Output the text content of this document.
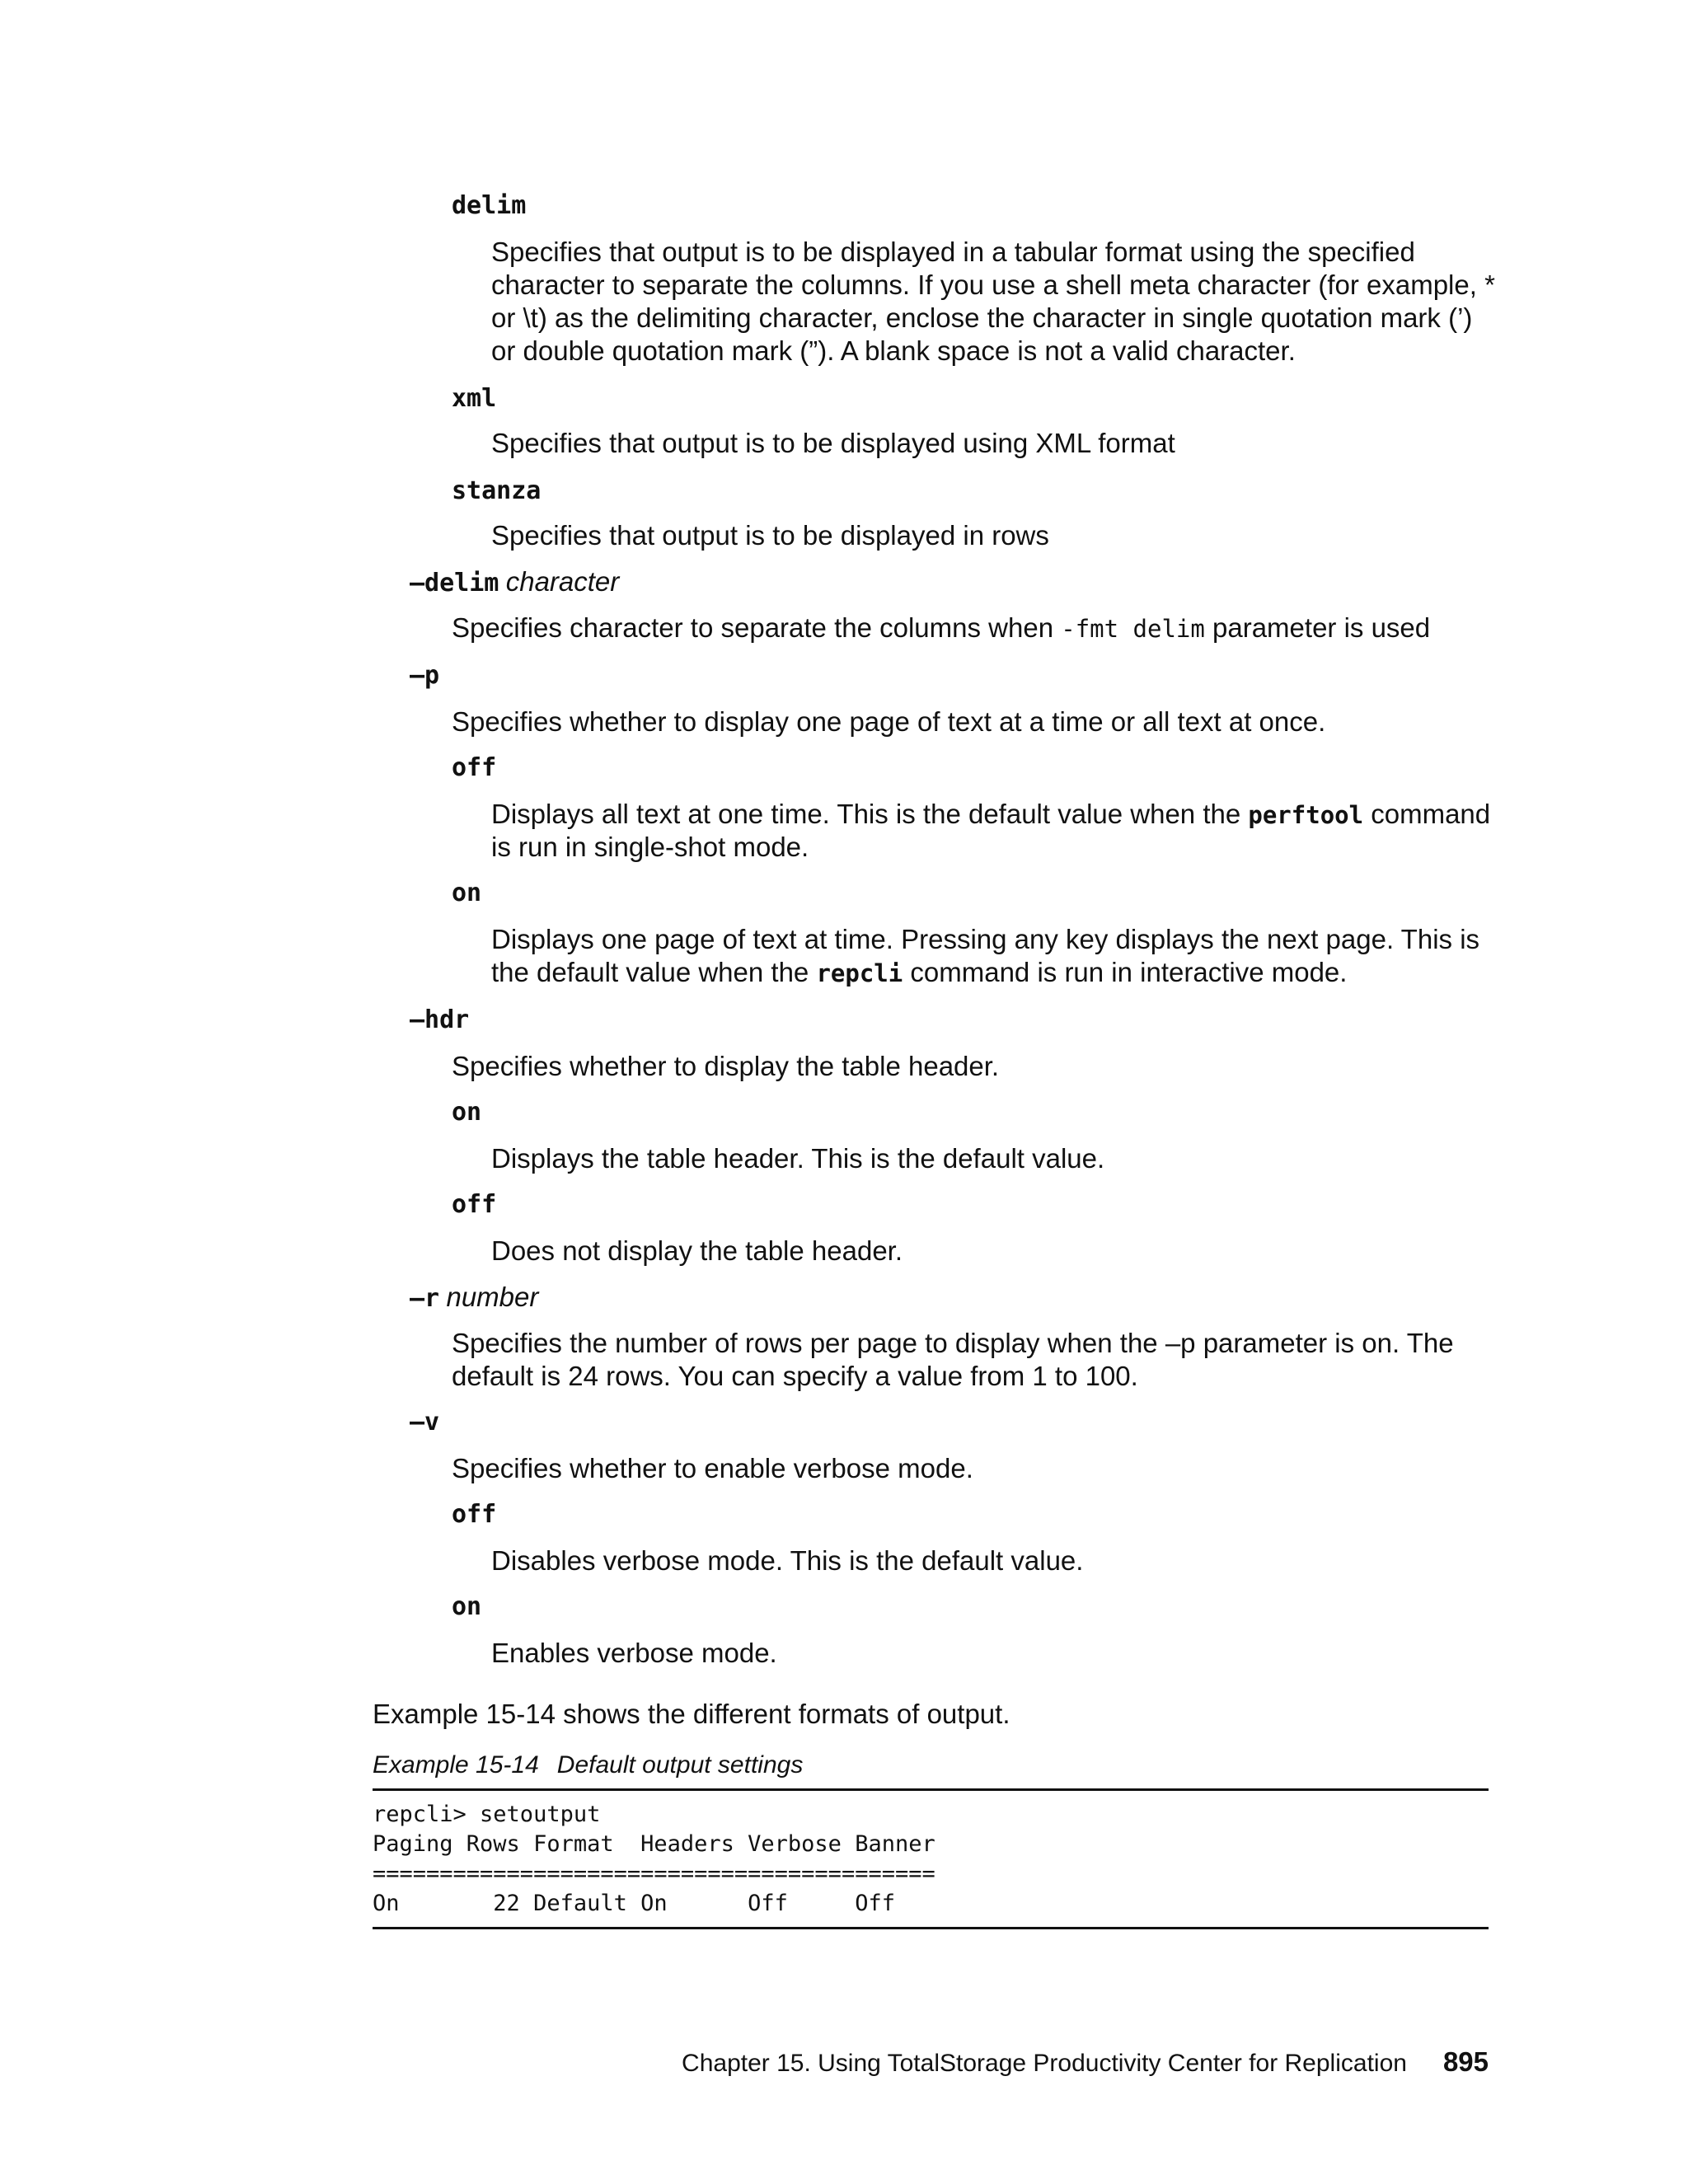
delim
Specifies that output is to be displayed in a tabular format using the specified
character to separate the columns. If you use a shell meta character (for example, *
or \t) as the delimiting character, enclose the character in single quotation mark (’)
or double quotation mark (”). A blank space is not a valid character.
xml
Specifies that output is to be displayed using XML format
stanza
Specifies that output is to be displayed in rows
–delim character
Specifies character to separate the columns when -fmt delim parameter is used
–p
Specifies whether to display one page of text at a time or all text at once.
off
Displays all text at one time. This is the default value when the perftool command
is run in single-shot mode.
on
Displays one page of text at time. Pressing any key displays the next page. This is
the default value when the repcli command is run in interactive mode.
–hdr
Specifies whether to display the table header.
on
Displays the table header. This is the default value.
off
Does not display the table header.
–r number
Specifies the number of rows per page to display when the –p parameter is on. The
default is 24 rows. You can specify a value from 1 to 100.
–v
Specifies whether to enable verbose mode.
off
Disables verbose mode. This is the default value.
on
Enables verbose mode.
Example 15-14 shows the different formats of output.
Example 15-14 Default output settings
repcli> setoutput
Paging Rows Format  Headers Verbose Banner
==========================================
On       22 Default On      Off     Off
Chapter 15. Using TotalStorage Productivity Center for Replication 895
